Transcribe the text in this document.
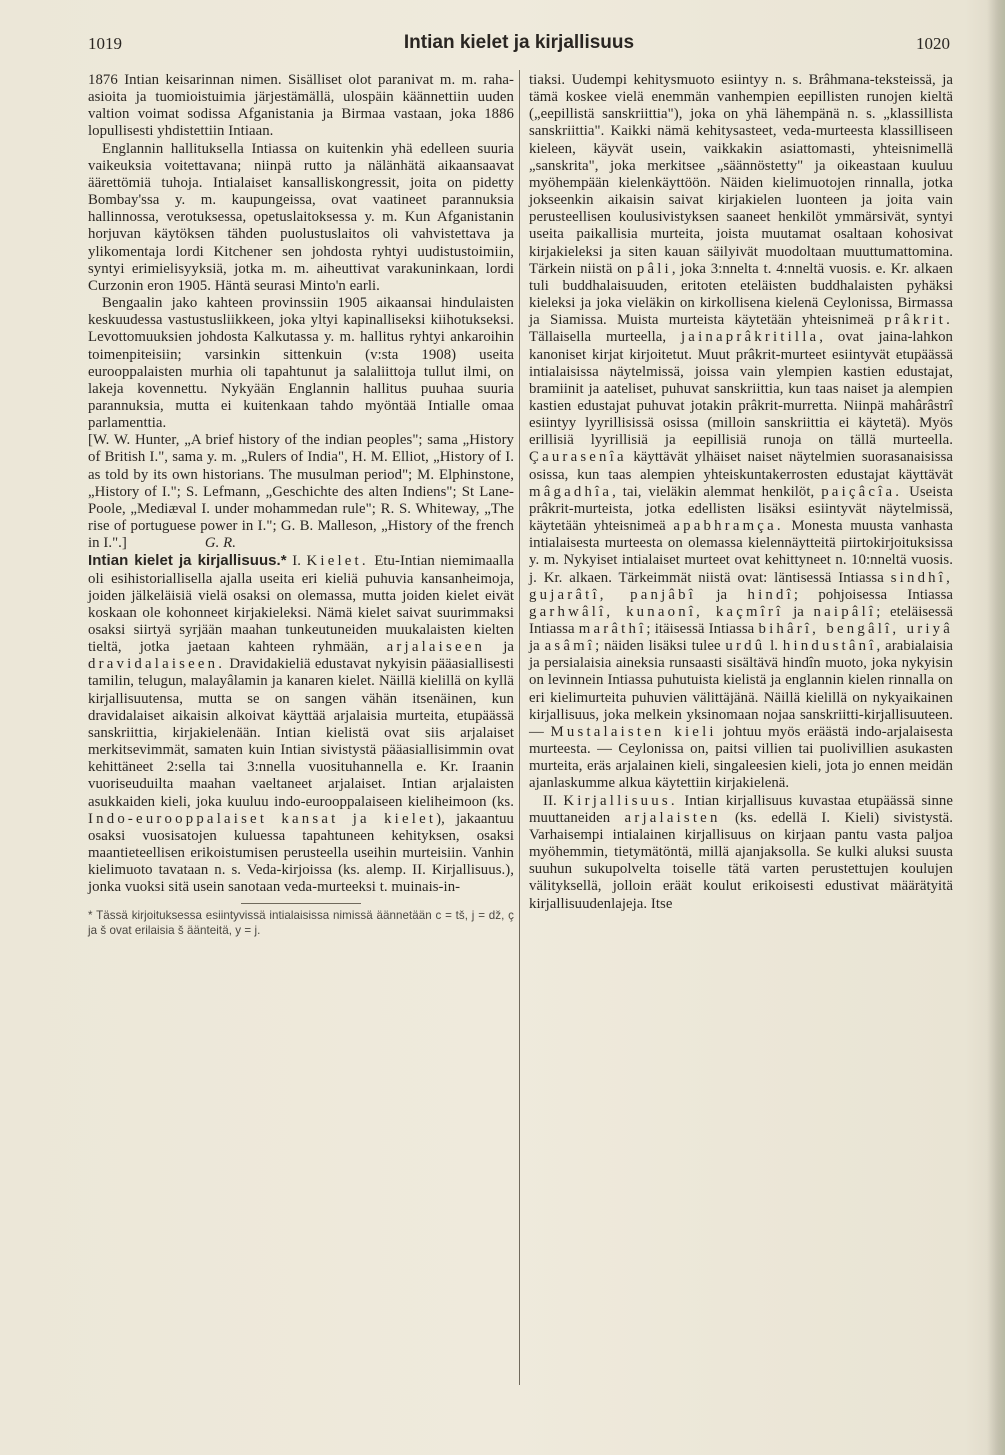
1019	Intian kielet ja kirjallisuus	1020

1876 Intian keisarinnan nimen. Sisälliset olot paranivat m. m. raha-asioita ja tuomioistuimia järjestämällä, ulospäin käännettiin uuden valtion voimat sodissa Afganistania ja Birmaa vastaan, joka 1886 lopullisesti yhdistettiin Intiaan.

Englannin hallituksella Intiassa on kuitenkin yhä edelleen suuria vaikeuksia voitettavana; niinpä rutto ja nälänhätä aikaansaavat äärettömiä tuhoja. Intialaiset kansalliskongressit, joita on pidetty Bombay'ssa y. m. kaupungeissa, ovat vaatineet parannuksia hallinnossa, verotuksessa, opetuslaitoksessa y. m. Kun Afganistanin horjuvan käytöksen tähden puolustuslaitos oli vahvistettava ja ylikomentaja lordi Kitchener sen johdosta ryhtyi uudistustoimiin, syntyi erimielisyyksiä, jotka m. m. aiheuttivat varakuninkaan, lordi Curzonin eron 1905. Häntä seurasi Minto'n earli.

Bengaalin jako kahteen provinssiin 1905 aikaansai hindulaisten keskuudessa vastustusliikkeen, joka yltyi kapinalliseksi kiihotukseksi. Levottomuuksien johdosta Kalkutassa y. m. hallitus ryhtyi ankaroihin toimenpiteisiin; varsinkin sittenkuin (v:sta 1908) useita eurooppalaisten murhia oli tapahtunut ja salaliittoja tullut ilmi, on lakeja kovennettu. Nykyään Englannin hallitus puuhaa suuria parannuksia, mutta ei kuitenkaan tahdo myöntää Intialle omaa parlamenttia.

[W. W. Hunter, „A brief history of the indian peoples"; sama „History of British I.", sama y. m. „Rulers of India", H. M. Elliot, „History of I. as told by its own historians. The musulman period"; M. Elphinstone, „History of I."; S. Lefmann, „Geschichte des alten Indiens"; St Lane-Poole, „Mediæval I. under mohammedan rule"; R. S. Whiteway, „The rise of portuguese power in I."; G. B. Malleson, „History of the french in I.".]	G. R.

Intian kielet ja kirjallisuus.* I. Kielet. Etu-Intian niemimaalla oli esihistoriallisella ajalla useita eri kieliä puhuvia kansanheimoja, joiden jälkeläisiä vielä osaksi on olemassa, mutta joiden kielet eivät koskaan ole kohonneet kirjakieleksi. Nämä kielet saivat suurimmaksi osaksi siirtyä syrjään maahan tunkeutuneiden muukalaisten kielten tieltä, jotka jaetaan kahteen ryhmään, arjalaiseen ja dravidalaiseen. Dravidakieliä edustavat nykyisin pääasiallisesti tamilin, telugun, malayâlamin ja kanaren kielet. Näillä kielillä on kyllä kirjallisuutensa, mutta se on sangen vähän itsenäinen, kun dravidalaiset aikaisin alkoivat käyttää arjalaisia murteita, etupäässä sanskriittia, kirjakielenään. Intian kielistä ovat siis arjalaiset merkitsevimmät, samaten kuin Intian sivistystä pääasiallisimmin ovat kehittäneet 2:sella tai 3:nnella vuosituhannella e. Kr. Iraanin vuoriseuduilta maahan vaeltaneet arjalaiset. Intian arjalaisten asukkaiden kieli, joka kuuluu indo-eurooppalaiseen kieliheimoon (ks. Indo-eurooppalaiset kansat ja kielet), jakaantuu osaksi vuosisatojen kuluessa tapahtuneen kehityksen, osaksi maantieteellisen erikoistumisen perusteella useihin murteisiin. Vanhin kielimuoto tavataan n. s. Veda-kirjoissa (ks. alemp. II. Kirjallisuus.), jonka vuoksi sitä usein sanotaan veda-murteeksi t. muinais-in-

* Tässä kirjoituksessa esiintyvissä intialaisissa nimissä äännetään c = tš, j = dž, ç ja š ovat erilaisia š äänteitä, y = j.

tiaksi. Uudempi kehitysmuoto esiintyy n. s. Brâhmana-teksteissä, ja tämä koskee vielä enemmän vanhempien eepillisten runojen kieltä („eepillistä sanskriittia"), joka on yhä lähempänä n. s. „klassillista sanskriittia". Kaikki nämä kehitysasteet, veda-murteesta klassilliseen kieleen, käyvät usein, vaikkakin asiattomasti, yhteisnimellä „sanskrita", joka merkitsee „säännöstetty" ja oikeastaan kuuluu myöhempään kielenkäyttöön. Näiden kielimuotojen rinnalla, jotka jokseenkin aikaisin saivat kirjakielen luonteen ja joita vain perusteellisen koulusivistyksen saaneet henkilöt ymmärsivät, syntyi useita paikallisia murteita, joista muutamat osaltaan kohosivat kirjakieleksi ja siten kauan säilyivät muodoltaan muuttumattomina. Tärkein niistä on pâli, joka 3:nnelta t. 4:nneltä vuosis. e. Kr. alkaen tuli buddhalaisuuden, eritoten eteläisten buddhalaisten pyhäksi kieleksi ja joka vieläkin on kirkollisena kielenä Ceylonissa, Birmassa ja Siamissa. Muista murteista käytetään yhteisnimeä prâkrit. Tällaisella murteella, jainaprâkritilla, ovat jaina-lahkon kanoniset kirjat kirjoitetut. Muut prâkrit-murteet esiintyvät etupäässä intialaisissa näytelmissä, joissa vain ylempien kastien edustajat, bramiinit ja aateliset, puhuvat sanskriittia, kun taas naiset ja alempien kastien edustajat puhuvat jotakin prâkrit-murretta. Niinpä mahârâstrî esiintyy lyyrillisissä osissa (milloin sanskriittia ei käytetä). Myös erillisiä lyyrillisiä ja eepillisiä runoja on tällä murteella. Çaurasenîa käyttävät ylhäiset naiset näytelmien suorasanaisissa osissa, kun taas alempien yhteiskuntakerrosten edustajat käyttävät mâgadhîa, tai, vieläkin alemmat henkilöt, paiçâcîa. Useista prâkrit-murteista, jotka edellisten lisäksi esiintyvät näytelmissä, käytetään yhteisnimeä apabhramça. Monesta muusta vanhasta intialaisesta murteesta on olemassa kielennäytteitä piirtokirjoituksissa y. m. Nykyiset intialaiset murteet ovat kehittyneet n. 10:nneltä vuosis. j. Kr. alkaen. Tärkeimmät niistä ovat: läntisessä Intiassa sindhî, gujarâtî, panjâbî ja hindî; pohjoisessa Intiassa garhwâlî, kunaonî, kaçmîrî ja naipâlî; eteläisessä Intiassa marâthî; itäisessä Intiassa bihârî, bengâlî, uriyâ ja asâmî; näiden lisäksi tulee urdû l. hindustânî, arabialaisia ja persialaisia aineksia runsaasti sisältävä hindîn muoto, joka nykyisin on levinnein Intiassa puhutuista kielistä ja englannin kielen rinnalla on eri kielimurteita puhuvien välittäjänä. Näillä kielillä on nykyaikainen kirjallisuus, joka melkein yksinomaan nojaa sanskriitti-kirjallisuuteen. — Mustalaisten kieli johtuu myös eräästä indo-arjalaisesta murteesta. — Ceylonissa on, paitsi villien tai puolivillien asukasten murteita, eräs arjalainen kieli, singaleesien kieli, jota jo ennen meidän ajanlaskumme alkua käytettiin kirjakielenä.

II. Kirjallisuus. Intian kirjallisuus kuvastaa etupäässä sinne muuttaneiden arjalaisten (ks. edellä I. Kieli) sivistystä. Varhaisempi intialainen kirjallisuus on kirjaan pantu vasta paljoa myöhemmin, tietymätöntä, millä ajanjaksolla. Se kulki aluksi suusta suuhun sukupolvelta toiselle tätä varten perustettujen koulujen välityksellä, jolloin eräät koulut erikoisesti edustivat määrätyitä kirjallisuudenlajeja. Itse
